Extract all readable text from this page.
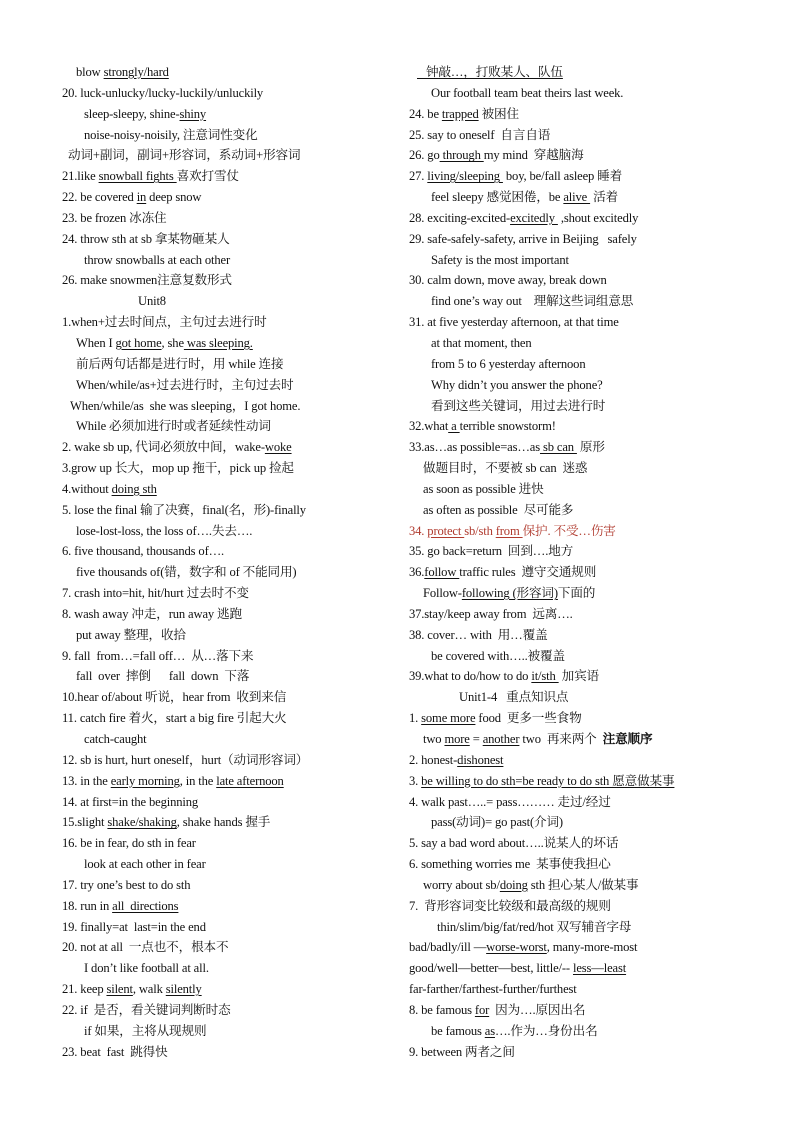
blow strongly/hard
20. luck-unlucky/lucky-luckily/unluckily
sleep-sleepy, shine-shiny
noise-noisy-noisily, 注意词性变化
动词+副词，副词+形容词，系动词+形容词
21.like snowball fights 喜欢打雪仗
22. be covered in deep snow
23. be frozen 冰冻住
24. throw sth at sb 拿某物砸某人
throw snowballs at each other
26. make snowmen注意复数形式
Unit8
1.when+过去时间点，主句过去进行时
When I got home, she was sleeping.
前后两句话都是进行时，用 while 连接
When/while/as+过去进行时，主句过去时
When/while/as  she was sleeping，I got home.
While 必须加进行时或者延续性动词
2. wake sb up, 代词必须放中间，wake-woke
3.grow up 长大，mop up 拖干，pick up 捡起
4.without doing sth
5. lose the final 输了决赛，final(名，形)-finally
lose-lost-loss, the loss of….失去….
6. five thousand, thousands of….
five thousands of(错，数字和 of 不能同用)
7. crash into=hit, hit/hurt 过去时不变
8. wash away 冲走，run away 逃跑
put away 整理，收拾
9. fall  from…=fall off…  从…落下来
fall  over  摔倒      fall  down  下落
10.hear of/about 听说，hear from  收到来信
11. catch fire 着火，start a big fire 引起大火
catch-caught
12. sb is hurt, hurt oneself，hurt（动词形容词）
13. in the early morning, in the late afternoon
14. at first=in the beginning
15.slight shake/shaking, shake hands 握手
16. be in fear, do sth in fear
look at each other in fear
17. try one’s best to do sth
18. run in all  directions
19. finally=at  last=in the end
20. not at all  一点也不，根本不
I don’t like football at all.
21. keep silent, walk silently
22. if  是否，看关键词判断时态
if 如果，主将从现规则
23. beat  fast  跳得快
钟敲…，打败某人、队伍
Our football team beat theirs last week.
24. be trapped 被困住
25. say to oneself  自言自语
26. go through my mind  穿越脑海
27. living/sleeping  boy, be/fall asleep 睡着
feel sleepy 感觉困倦，be alive  活着
28. exciting-excited-excitedly  ,shout excitedly
29. safe-safely-safety, arrive in Beijing   safely
Safety is the most important
30. calm down, move away, break down
find one’s way out    理解这些词组意思
31. at five yesterday afternoon, at that time
at that moment, then
from 5 to 6 yesterday afternoon
Why didn’t you answer the phone?
看到这些关键词，用过去进行时
32.what a terrible snowstorm!
33.as…as possible=as…as sb can  原形
做题目时，不要被 sb can  迷惑
as soon as possible 进快
as often as possible  尽可能多
34. protect sb/sth from 保护. 不受…伤害
35. go back=return  回到….地方
36.follow traffic rules  遵守交通规则
Follow-following (形容词)下面的
37.stay/keep away from  远离….
38. cover… with  用…覆盖
be covered with…..被覆盖
39.what to do/how to do it/sth  加宾语
Unit1-4   重点知识点
1. some more food  更多一些食物
two more = another two  再来两个  注意顺序
2. honest-dishonest
3. be willing to do sth=be ready to do sth 愿意做某事
4. walk past…..= pass……… 走过/经过
pass(动词)= go past(介词)
5. say a bad word about…..说某人的坏话
6. something worries me  某事使我担心
worry about sb/doing sth 担心某人/做某事
7.  背形容词变比较级和最高级的规则
thin/slim/big/fat/red/hot 双写辅音字母
bad/badly/ill —worse-worst, many-more-most
good/well—better—best, little/-- less—least
far-farther/farthest-further/furthest
8. be famous for  因为….原因出名
be famous as….作为…身份出名
9. between 两者之间
